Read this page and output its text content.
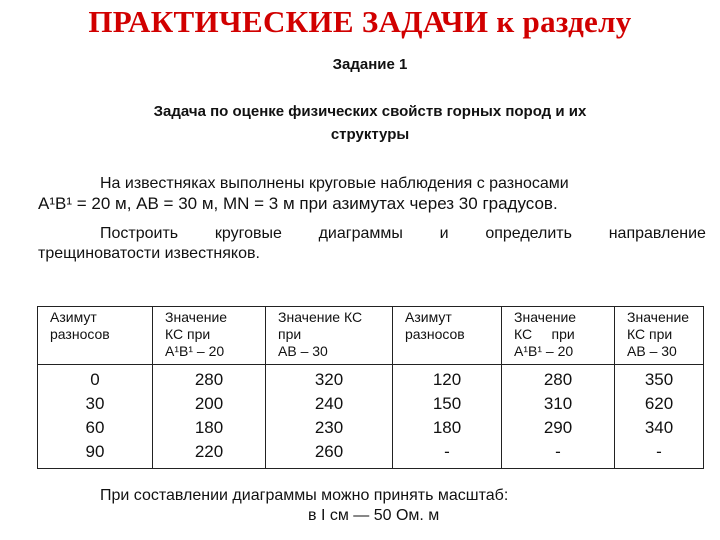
ПРАКТИЧЕСКИЕ ЗАДАЧИ к разделу
Задание 1
Задача по оценке физических свойств горных пород и их
структуры
На известняках выполнены круговые наблюдения с разносами
A¹B¹ = 20 м, AB = 30 м, MN = 3 м при азимутах через 30 градусов.
Построить круговые диаграммы и определить направление
трещиноватости известняков.
Азимут
разносов	Значение
КС при
A¹B¹ – 20	Значение КС
при
AB – 30	Азимут
разносов	Значение
КС     при
A¹B¹ – 20	Значение
КС при
AB – 30

0	280	320	120	280	350
30	200	240	150	310	620
60	180	230	180	290	340
90	220	260	-	-	-
При составлении диаграммы можно принять масштаб:
в I см — 50 Ом. м
